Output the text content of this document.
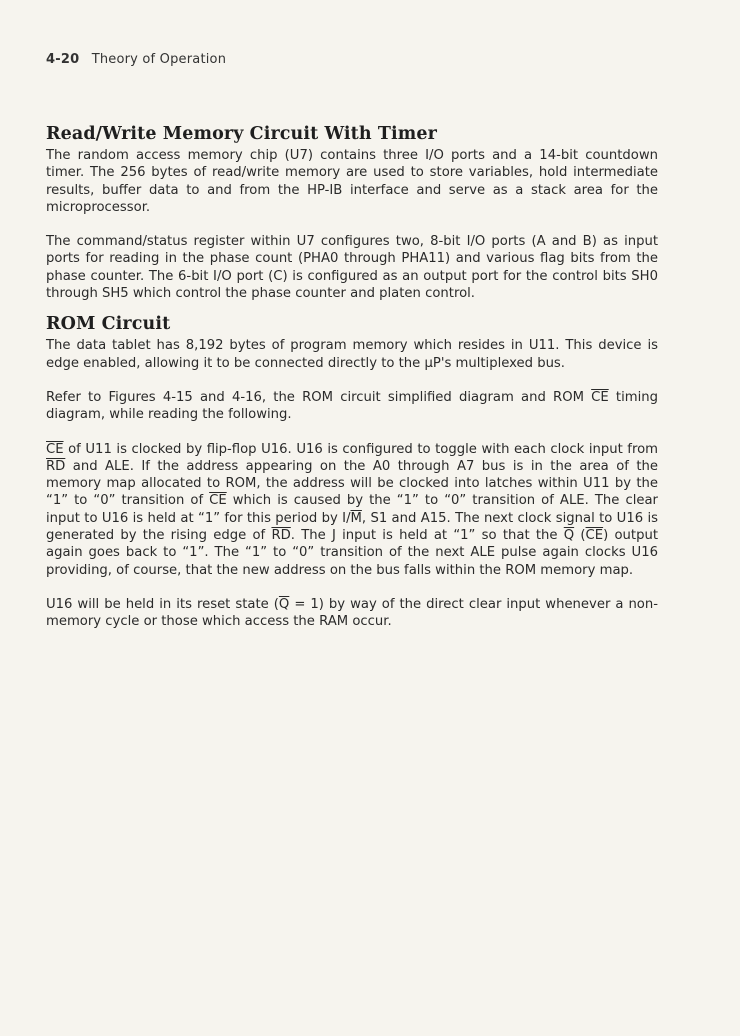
4-20 Theory of Operation
Read/Write Memory Circuit With Timer

The random access memory chip (U7) contains three I/O ports and a 14-bit countdown timer. The 256 bytes of read/write memory are used to store variables, hold intermediate results, buffer data to and from the HP-IB interface and serve as a stack area for the microprocessor.

The command/status register within U7 configures two, 8-bit I/O ports (A and B) as input ports for reading in the phase count (PHA0 through PHA11) and various flag bits from the phase counter. The 6-bit I/O port (C) is configured as an output port for the control bits SH0 through SH5 which control the phase counter and platen control.

ROM Circuit

The data tablet has 8,192 bytes of program memory which resides in U11. This device is edge enabled, allowing it to be connected directly to the μP's multiplexed bus.

Refer to Figures 4-15 and 4-16, the ROM circuit simplified diagram and ROM $\overline{CE}$ timing diagram, while reading the following.

$\overline{CE}$ of U11 is clocked by flip-flop U16. U16 is configured to toggle with each clock input from $\overline{RD}$ and ALE. If the address appearing on the A0 through A7 bus is in the area of the memory map allocated to ROM, the address will be clocked into latches within U11 by the “1” to “0” transition of $\overline{CE}$ which is caused by the “1” to “0” transition of ALE. The clear input to U16 is held at “1” for this period by $I/\overline{M}$, S1 and A15. The next clock signal to U16 is generated by the rising edge of $\overline{RD}$. The J input is held at “1” so that the $\overline{Q}$ $(\overline{CE})$ output again goes back to “1”. The “1” to “0” transition of the next ALE pulse again clocks U16 providing, of course, that the new address on the bus falls within the ROM memory map.

U16 will be held in its reset state $(\overline{Q} = 1)$ by way of the direct clear input whenever a non-memory cycle or those which access the RAM occur.
